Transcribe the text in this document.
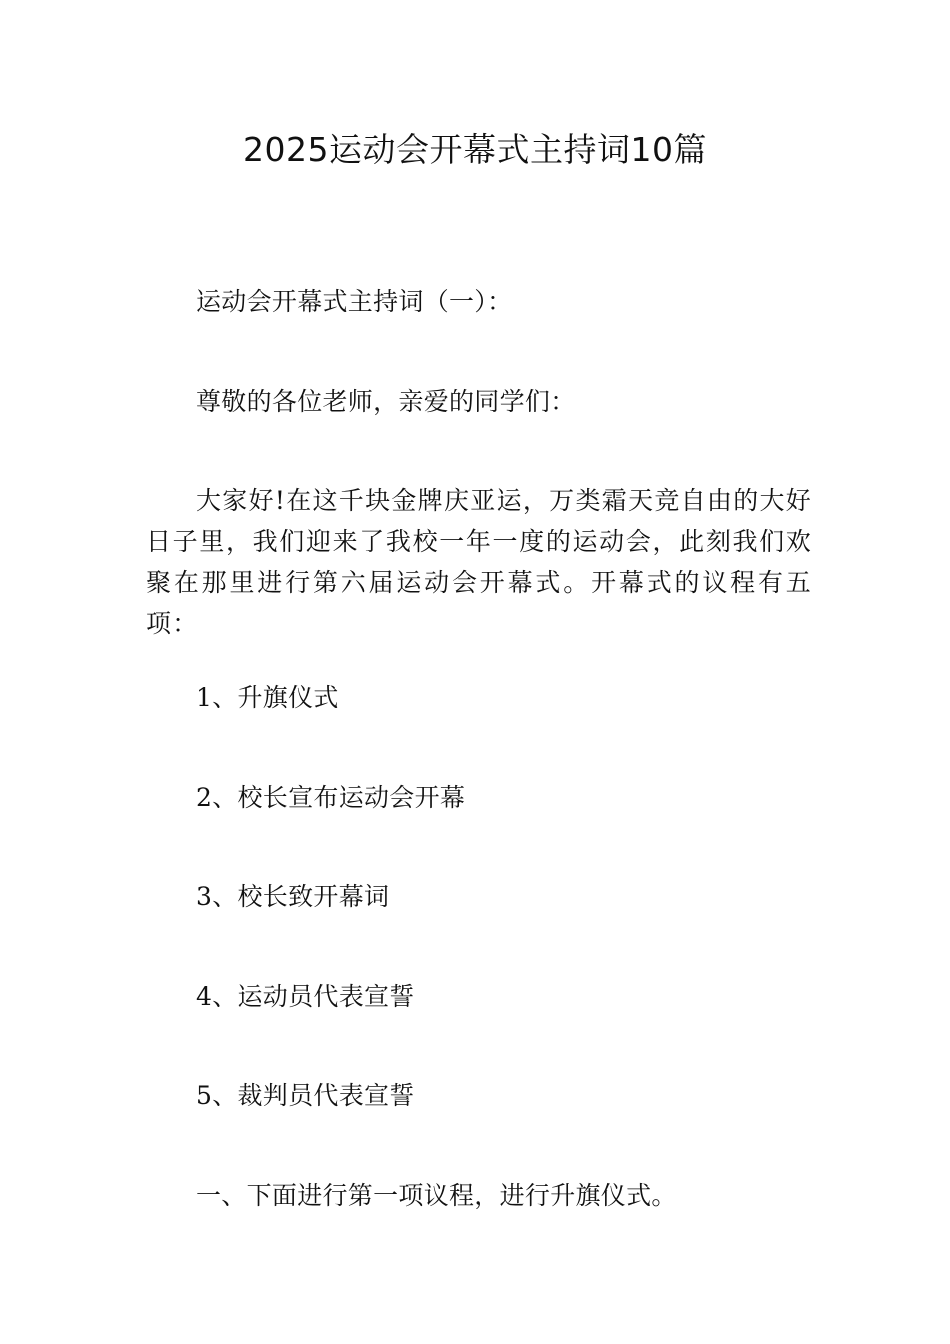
2025运动会开幕式主持词10篇

运动会开幕式主持词（一）：

尊敬的各位老师，亲爱的同学们：

大家好!在这千块金牌庆亚运，万类霜天竞自由的大好日子里，我们迎来了我校一年一度的运动会，此刻我们欢聚在那里进行第六届运动会开幕式。开幕式的议程有五项：

1、升旗仪式

2、校长宣布运动会开幕

3、校长致开幕词

4、运动员代表宣誓

5、裁判员代表宣誓

一、下面进行第一项议程，进行升旗仪式。
